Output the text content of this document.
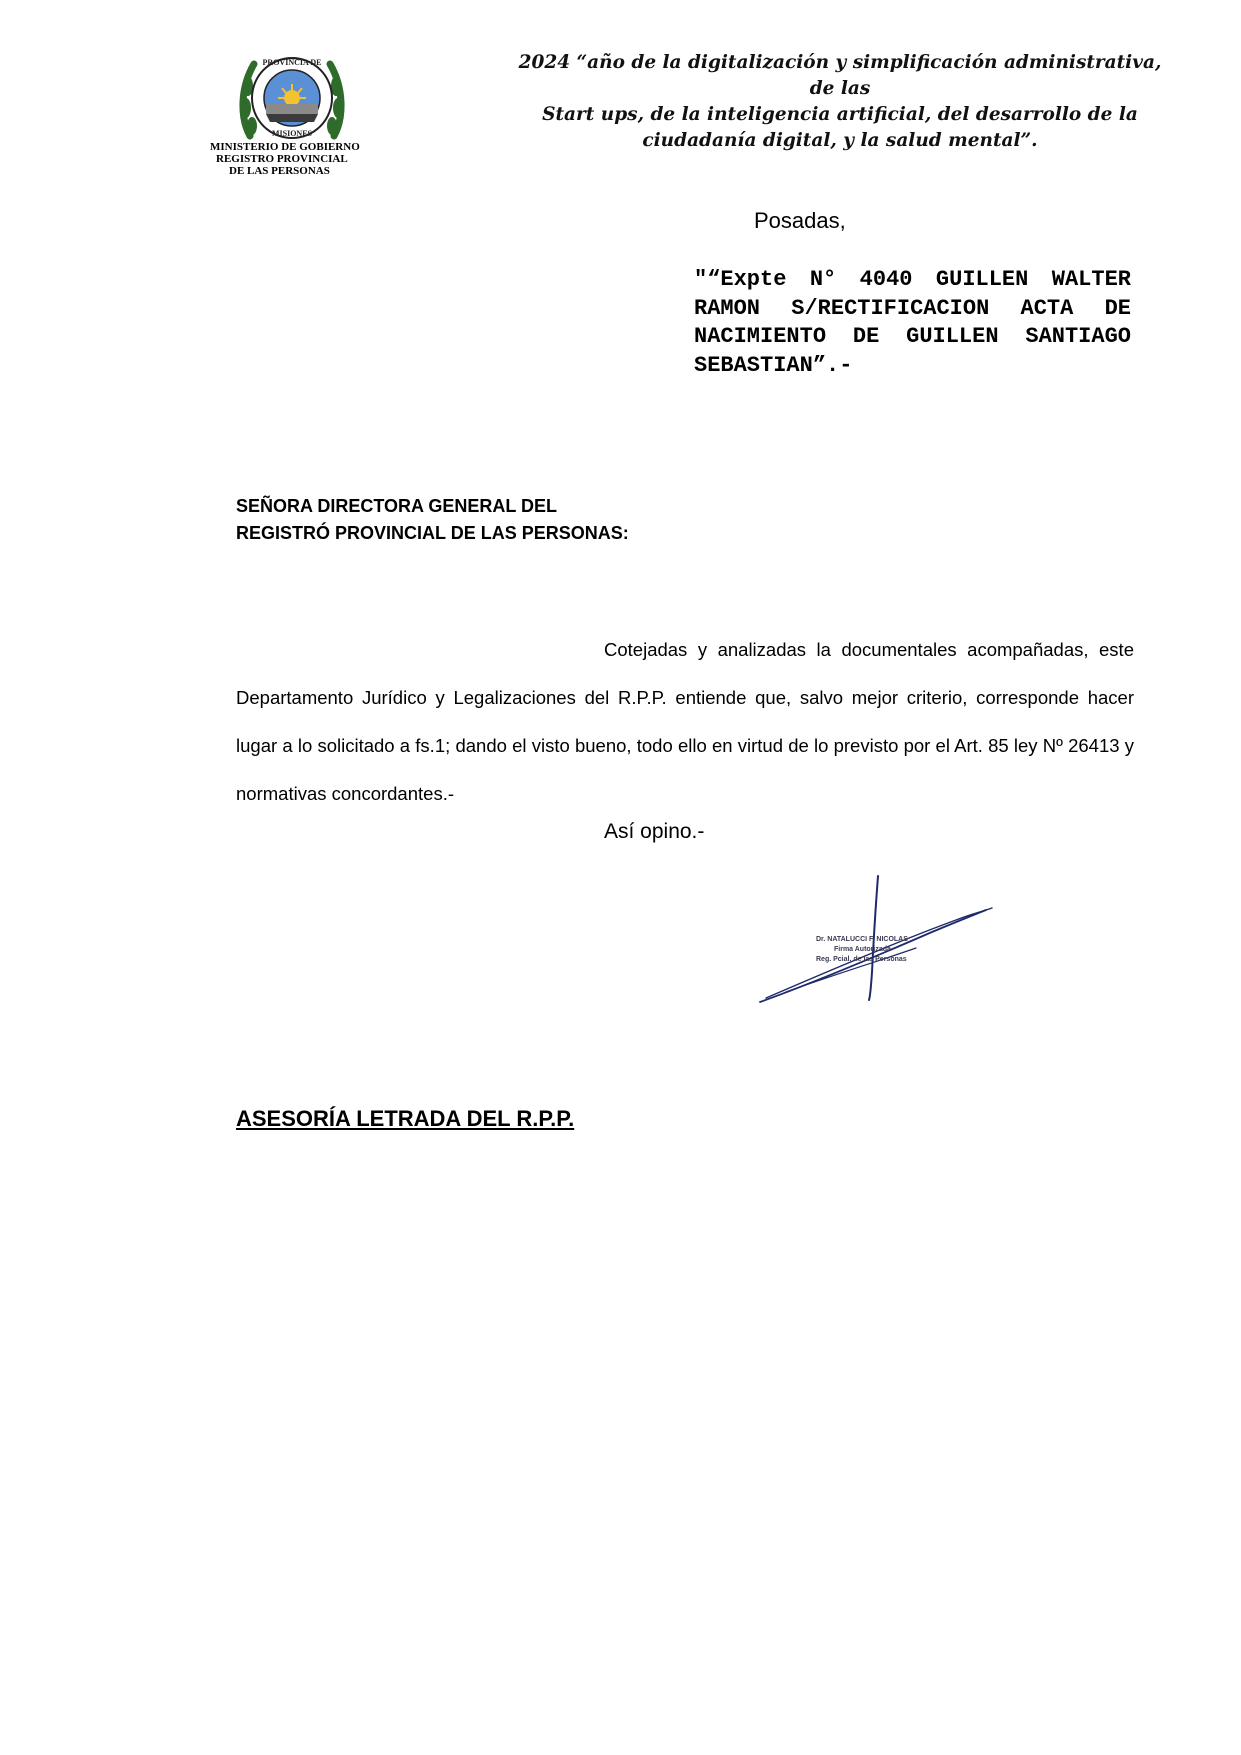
PROVINCIA DE
MISIONES
MINISTERIO DE GOBIERNO
REGISTRO PROVINCIAL
DE LAS PERSONAS
2024 “año de la digitalización y simplificación administrativa, de las
Start ups, de la inteligencia artificial, del desarrollo de la
ciudadanía digital, y la salud mental”.
Posadas,
"“Expte N° 4040 GUILLEN WALTER RAMON S/RECTIFICACION ACTA DE NACIMIENTO DE GUILLEN SANTIAGO SEBASTIAN”.-
SEÑORA DIRECTORA GENERAL DEL
REGISTRÓ PROVINCIAL DE LAS PERSONAS:

Cotejadas y analizadas la documentales acompañadas, este Departamento Jurídico y Legalizaciones del R.P.P. entiende que, salvo mejor criterio, corresponde hacer lugar a lo solicitado a fs.1; dando el visto bueno, todo ello en virtud de lo previsto por el Art. 85 ley Nº 26413 y normativas concordantes.-

Así opino.-
Dr. NATALUCCI F. NICOLAS
Firma Autorizada
Reg. Pcial. de las Personas
ASESORÍA LETRADA DEL R.P.P.
